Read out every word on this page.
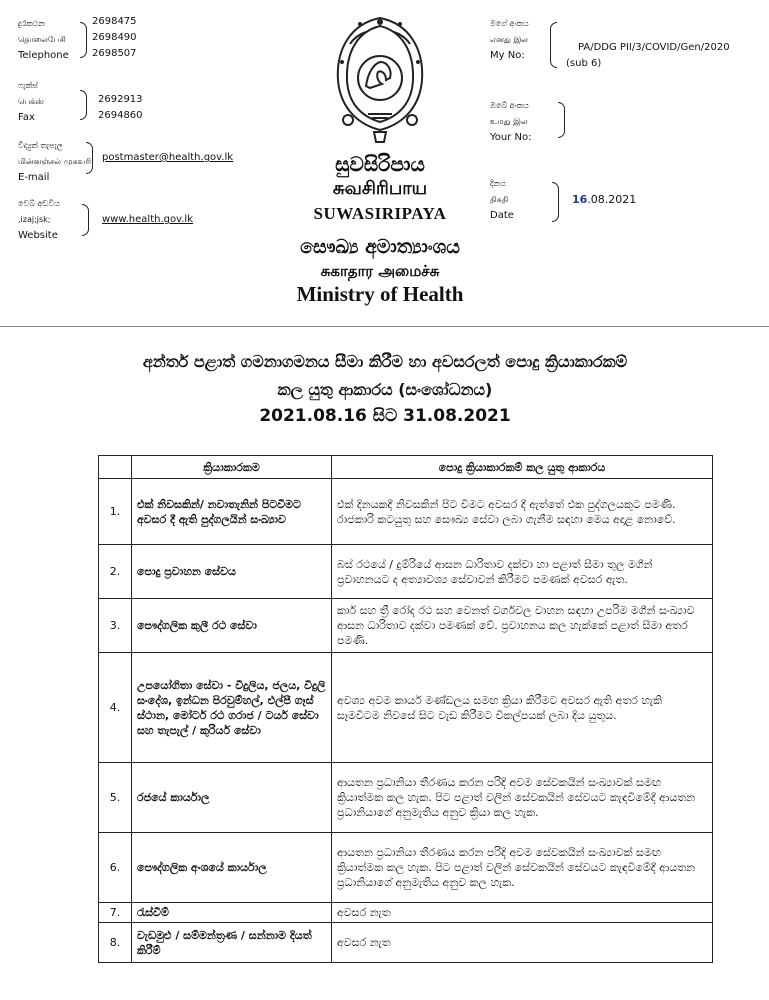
දුරකථන
தொலைபேசி
Telephone
2698475
2698490
2698507
ෆැක්ස්
பெக்ஸ்
Fax
2692913
2694860
විද්‍යුත් තැපැල
மின்னஞ்சல் முகவரி
E-mail
postmaster@health.gov.lk
වෙබ් අඩවිය
,izaj;jsk;
Website
www.health.gov.lk
සුවසිරිපාය
சுவசிரிபாய
SUWASIRIPAYA
මගේ අංකය
எனது இல
My No:
PA/DDG PII/3/COVID/Gen/2020
(sub 6)
ඔබේ අංකය
உமது இல
Your No:
දිනය
திகதி
Date
16.08.2021
සෞඛ්‍ය අමාත්‍යාංශය
சுகாதார அமைச்சு
Ministry of Health
අන්තර් පළාත් ගමනාගමනය සීමා කිරීම හා අවසරලත් පොදු ක්‍රියාකාරකම්
කල යුතු ආකාරය (සංශෝධනය)
2021.08.16 සිට 31.08.2021
	ක්‍රියාකාරකම	පොදු ක්‍රියාකාරකම් කල යුතු ආකාරය
1.	එක් නිවසකින්/ නවාතැනින් පිටවීමට අවසර දී ඇති පුද්ගලයින් සංඛ්‍යාව	එක් දිනයකදී නිවසකින් පිට වීමට අවසර දී ඇත්තේ එක පුද්ගලයකුට පමණි. රාජකාරි කටයුතු සහ සෞඛ්‍ය සේවා ලබා ගැනීම සඳහා මෙය අදාළ නොවේ.
2.	පොදු ප්‍රවාහන සේවය	බස් රථයේ / දුම්රියේ ආසන ධාරිතාව දක්වා හා පළාත් සීමා තුල මගීන් ප්‍රවාහනයට ද අත්‍යාවශ්‍ය සේවාවන් කිරීමට පමණක් අවසර ඇත.
3.	පෞද්ගලික කුලී රථ සේවා	කාර් සහ ත්‍රී රෝද රථ සහ වෙනත් වර්ගවල වාහන සඳහා උපරිම මගීන් සංඛ්‍යාව ආසන ධාරිතාව දක්වා පමණක් වේ. ප්‍රවාහනය කල හැක්කේ පළාත් සීමා අතර පමණි.
4.	උපයෝගිතා සේවා - විදුලිය, ජලය, විදුලි සංදේශ, ඉන්ධන පිරවුම්හල්, එල්පී ගෑස් ස්ථාන, මෝටර් රථ ගරාජ / ටයර් සේවා සහ තැපැල් / කුරියර් සේවා	අවශ්‍ය අවම කාර්ය මණ්ඩලය සමඟ ක්‍රියා කිරීමට අවසර ඇති අතර හැකි සෑමවිටම නිවසේ සිට වැඩ කිරීමට විකල්පයක් ලබා දිය යුතුය.
5.	රජයේ කාර්යාල	ආයතන ප්‍රධානියා තීරණය කරන පරිදි අවම සේවකයින් සංඛ්‍යාවක් සමඟ ක්‍රියාත්මක කල හැක. පිට පළාත් වලින් සේවකයින් සේවයට කැඳවීමේදී ආයතන ප්‍රධානියාගේ අනුමැතිය අනුව ක්‍රියා කල හැක.
6.	පෞද්ගලික අංශයේ කාර්යාල	ආයතන ප්‍රධානියා තීරණය කරන පරිදි අවම සේවකයින් සංඛ්‍යාවක් සමඟ ක්‍රියාත්මක කල හැක. පිට පළාත් වලින් සේවකයින් සේවයට කැඳවීමේදී ආයතන ප්‍රධානියාගේ අනුමැතිය අනුව කල හැක.
7.	රැස්වීම්	අවසර නැත
8.	වැඩමුළු / සම්මන්ත්‍රණ / සන්නාම දියත් කිරීම්	අවසර නැත
